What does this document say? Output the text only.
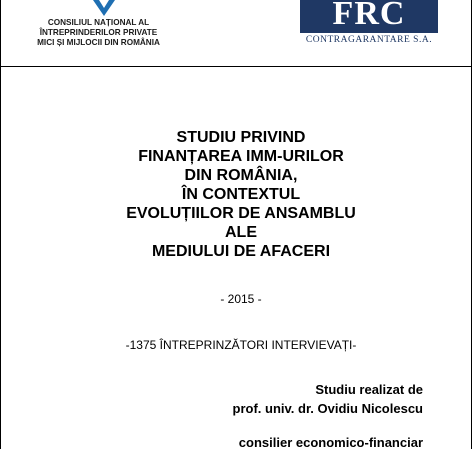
CONSILIUL NAȚIONAL AL
ÎNTREPRINDERILOR PRIVATE
MICI ȘI MIJLOCII DIN ROMÂNIA
FRC
CONTRAGARANTARE S.A.
STUDIU PRIVIND
FINANȚAREA IMM-URILOR
DIN ROMÂNIA,
ÎN CONTEXTUL
EVOLUȚIILOR DE ANSAMBLU
ALE
MEDIULUI DE AFACERI
- 2015 -
-1375 ÎNTREPRINZĂTORI INTERVIEVAȚI-
Studiu realizat de
prof. univ. dr. Ovidiu Nicolescu
consilier economico-financiar
